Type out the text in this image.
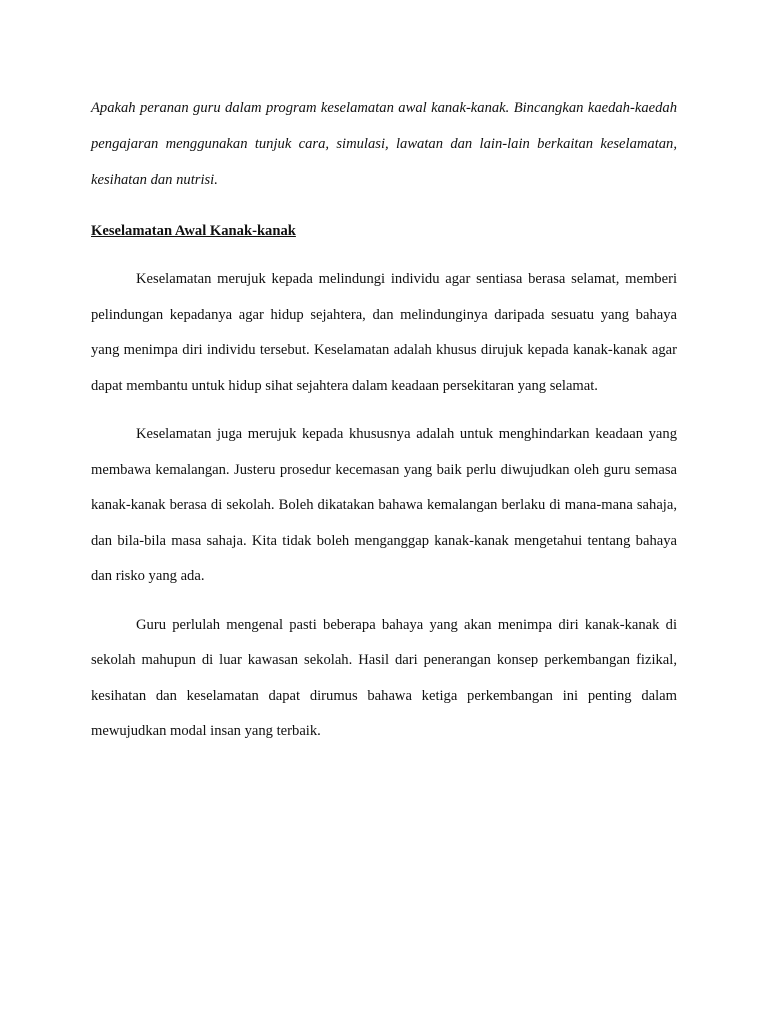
Apakah peranan guru dalam program keselamatan awal kanak-kanak. Bincangkan kaedah-kaedah pengajaran menggunakan tunjuk cara, simulasi, lawatan dan lain-lain berkaitan keselamatan, kesihatan dan nutrisi.

Keselamatan Awal Kanak-kanak

Keselamatan merujuk kepada melindungi individu agar sentiasa berasa selamat, memberi pelindungan kepadanya agar hidup sejahtera, dan melindunginya daripada sesuatu yang bahaya yang menimpa diri individu tersebut. Keselamatan adalah khusus dirujuk kepada kanak-kanak agar dapat membantu untuk hidup sihat sejahtera dalam keadaan persekitaran yang selamat.

Keselamatan juga merujuk kepada khususnya adalah untuk menghindarkan keadaan yang membawa kemalangan. Justeru prosedur kecemasan yang baik perlu diwujudkan oleh guru semasa kanak-kanak berasa di sekolah. Boleh dikatakan bahawa kemalangan berlaku di mana-mana sahaja, dan bila-bila masa sahaja. Kita tidak boleh menganggap kanak-kanak mengetahui tentang bahaya dan risko yang ada.

Guru perlulah mengenal pasti beberapa bahaya yang akan menimpa diri kanak-kanak di sekolah mahupun di luar kawasan sekolah. Hasil dari penerangan konsep perkembangan fizikal, kesihatan dan keselamatan dapat dirumus bahawa ketiga perkembangan ini penting dalam mewujudkan modal insan yang terbaik.
